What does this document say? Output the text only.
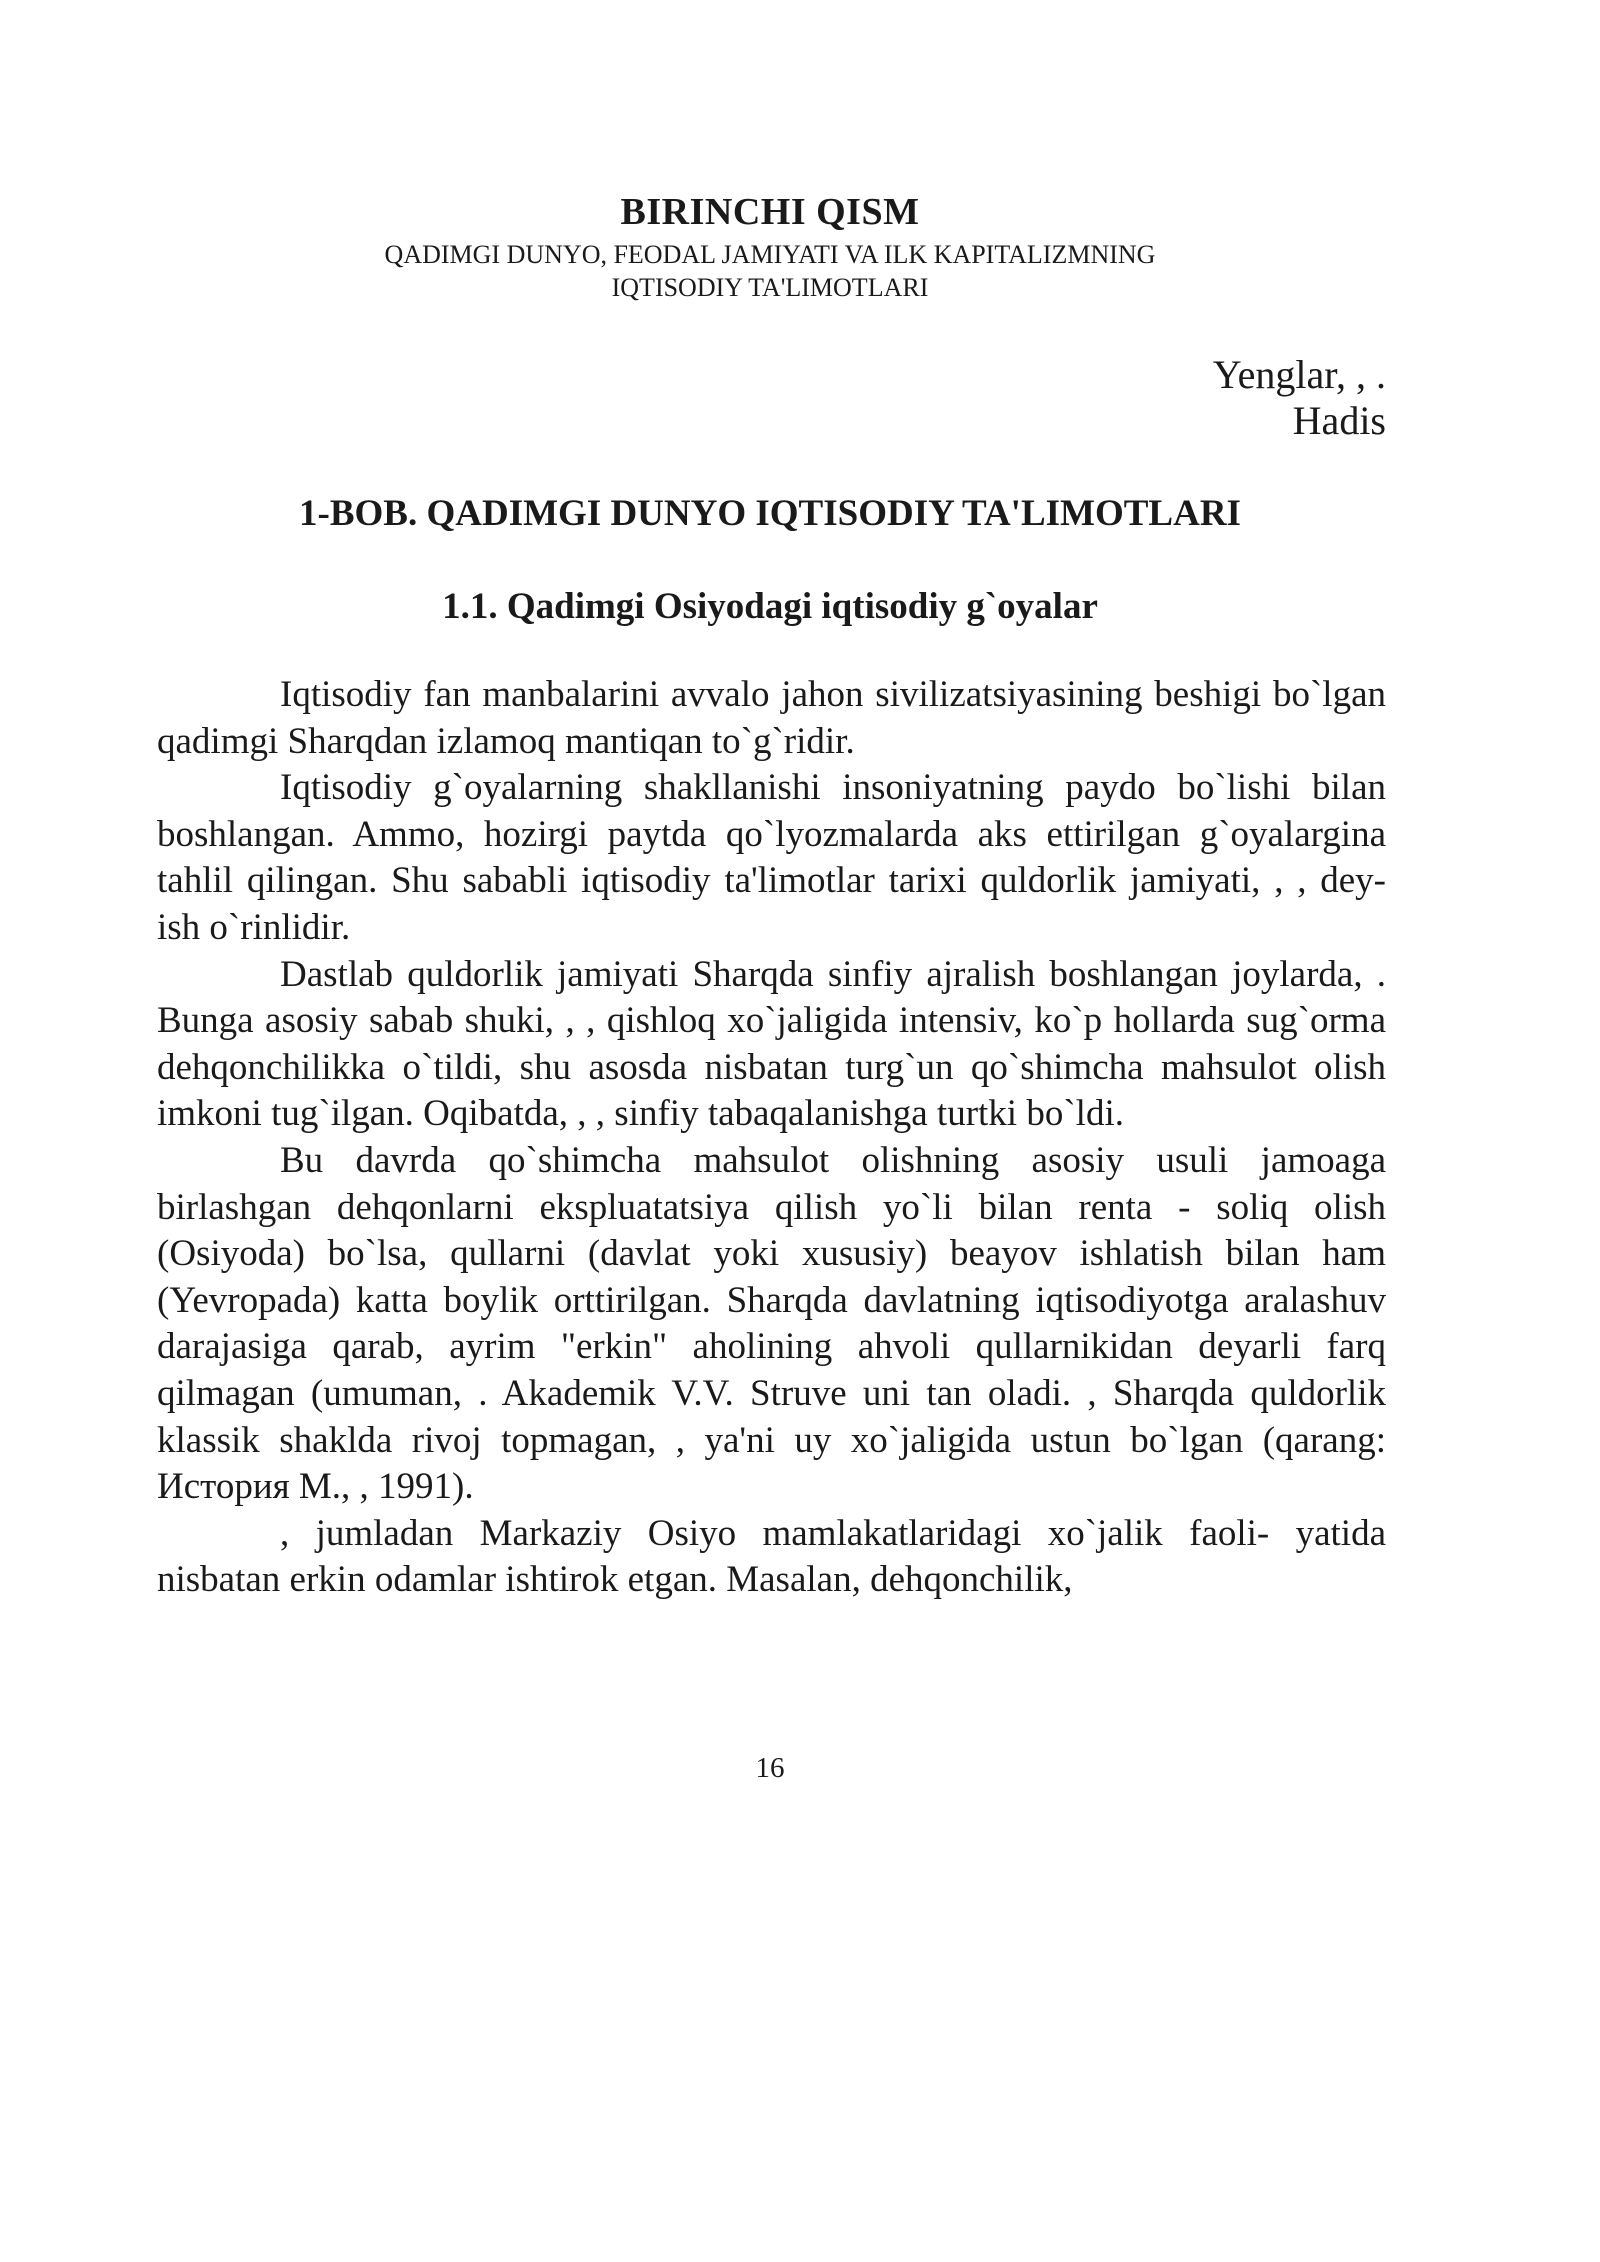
BIRINCHI QISM
QADIMGI DUNYO, FEODAL JAMIYATI VA ILK KAPITALIZMNING
IQTISODIY TA'LIMOTLARI
Yenglar, , .
Hadis
1-BOB. QADIMGI DUNYO IQTISODIY TA'LIMOTLARI
1.1. Qadimgi Osiyodagi iqtisodiy g`oyalar

Iqtisodiy fan manbalarini avvalo jahon sivilizatsiyasining beshigi bo`lgan qadimgi Sharqdan izlamoq mantiqan to`g`ridir.

Iqtisodiy g`oyalarning shakllanishi insoniyatning paydo bo`lishi bilan boshlangan. Ammo, hozirgi paytda qo`lyozmalarda aks ettirilgan g`oyalargina tahlil qilingan. Shu sababli iqtisodiy ta'limotlar tarixi quldorlik jamiyati, , , dey- ish o`rinlidir.

Dastlab quldorlik jamiyati Sharqda sinfiy ajralish boshlangan joylarda, . Bunga asosiy sabab shuki, , , qishloq xo`jaligida intensiv, ko`p hollarda sug`orma dehqonchilikka o`tildi, shu asosda nisbatan turg`un qo`shimcha mahsulot olish imkoni tug`ilgan. Oqibatda, , , sinfiy tabaqalanishga turtki bo`ldi.

Bu davrda qo`shimcha mahsulot olishning asosiy usuli jamoaga birlashgan dehqonlarni ekspluatatsiya qilish yo`li bilan renta - soliq olish (Osiyoda) bo`lsa, qullarni (davlat yoki xususiy) beayov ishlatish bilan ham (Yevropada) katta boylik orttirilgan. Sharqda davlatning iqtisodiyotga aralashuv darajasiga qarab, ayrim "erkin" aholining ahvoli qullarnikidan deyarli farq qilmagan (umuman, . Akademik V.V. Struve uni tan oladi. , Sharqda quldorlik klassik shaklda rivoj topmagan, , ya'ni uy xo`jaligida ustun bo`lgan (qarang: История М., , 1991).

, jumladan Markaziy Osiyo mamlakatlaridagi xo`jalik faoli- yatida nisbatan erkin odamlar ishtirok etgan. Masalan, dehqonchilik,

16
